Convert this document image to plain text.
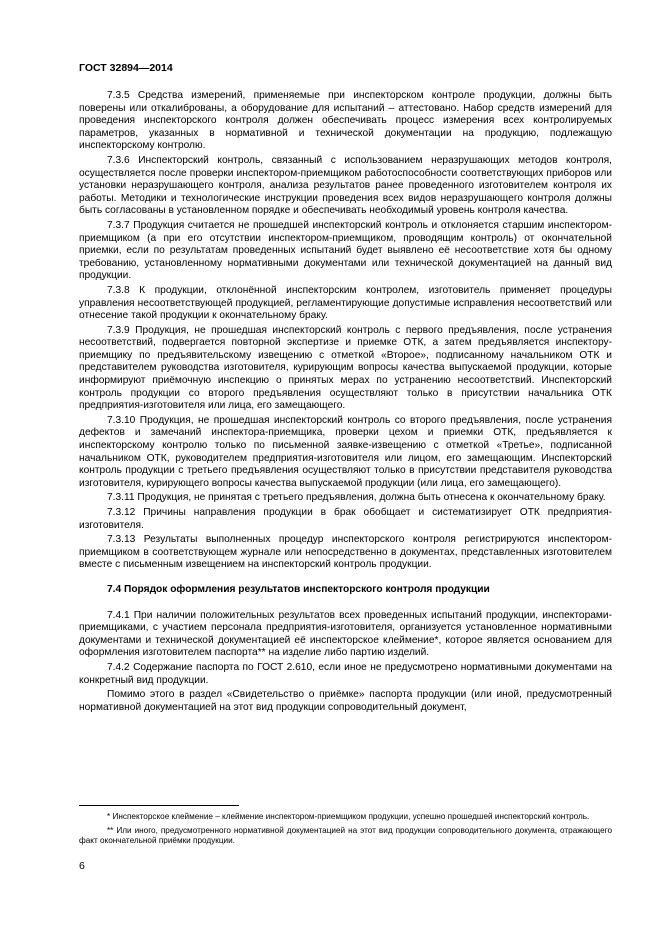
ГОСТ 32894—2014

7.3.5 Средства измерений, применяемые при инспекторском контроле продукции, должны быть поверены или откалиброваны, а оборудование для испытаний – аттестовано. Набор средств измерений для проведения инспекторского контроля должен обеспечивать процесс измерения всех контролируемых параметров, указанных в нормативной и технической документации на продукцию, подлежащую инспекторскому контролю.

7.3.6 Инспекторский контроль, связанный с использованием неразрушающих методов контроля, осуществляется после проверки инспектором-приемщиком работоспособности соответствующих приборов или установки неразрушающего контроля, анализа результатов ранее проведенного изготовителем контроля их работы. Методики и технологические инструкции проведения всех видов неразрушающего контроля должны быть согласованы в установленном порядке и обеспечивать необходимый уровень контроля качества.

7.3.7 Продукция считается не прошедшей инспекторский контроль и отклоняется старшим инспектором-приемщиком (а при его отсутствии инспектором-приемщиком, проводящим контроль) от окончательной приемки, если по результатам проведенных испытаний будет выявлено её несоответствие хотя бы одному требованию, установленному нормативными документами или технической документацией на данный вид продукции.

7.3.8 К продукции, отклонённой инспекторским контролем, изготовитель применяет процедуры управления несоответствующей продукцией, регламентирующие допустимые исправления несоответствий или отнесение такой продукции к окончательному браку.

7.3.9 Продукция, не прошедшая инспекторский контроль с первого предъявления, после устранения несоответствий, подвергается повторной экспертизе и приемке ОТК, а затем предъявляется инспектору-приемщику по предъявительскому извещению с отметкой «Второе», подписанному начальником ОТК и представителем руководства изготовителя, курирующим вопросы качества выпускаемой продукции, которые информируют приёмочную инспекцию о принятых мерах по устранению несоответствий. Инспекторский контроль продукции со второго предъявления осуществляют только в присутствии начальника ОТК предприятия-изготовителя или лица, его замещающего.

7.3.10 Продукция, не прошедшая инспекторский контроль со второго предъявления, после устранения дефектов и замечаний инспектора-приемщика, проверки цехом и приемки ОТК, предъявляется к инспекторскому контролю только по письменной заявке-извещению с отметкой «Третье», подписанной начальником ОТК, руководителем предприятия-изготовителя или лицом, его замещающим. Инспекторский контроль продукции с третьего предъявления осуществляют только в присутствии представителя руководства изготовителя, курирующего вопросы качества выпускаемой продукции (или лица, его замещающего).

7.3.11 Продукция, не принятая с третьего предъявления, должна быть отнесена к окончательному браку.

7.3.12 Причины направления продукции в брак обобщает и систематизирует ОТК предприятия-изготовителя.

7.3.13 Результаты выполненных процедур инспекторского контроля регистрируются инспектором-приемщиком в соответствующем журнале или непосредственно в документах, представленных изготовителем вместе с письменным извещением на инспекторский контроль продукции.

7.4 Порядок оформления результатов инспекторского контроля продукции

7.4.1 При наличии положительных результатов всех проведенных испытаний продукции, инспекторами-приемщиками, с участием персонала предприятия-изготовителя, организуется установленное нормативными документами и технической документацией её инспекторское клеймение*, которое является основанием для оформления изготовителем паспорта** на изделие либо партию изделий.

7.4.2 Содержание паспорта по ГОСТ 2.610, если иное не предусмотрено нормативными документами на конкретный вид продукции.

Помимо этого в раздел «Свидетельство о приёмке» паспорта продукции (или иной, предусмотренный нормативной документацией на этот вид продукции сопроводительный документ,

* Инспекторское клеймение – клеймение инспектором-приемщиком продукции, успешно прошедшей инспекторский контроль.

** Или иного, предусмотренного нормативной документацией на этот вид продукции сопроводительного документа, отражающего факт окончательной приёмки продукции.

6
